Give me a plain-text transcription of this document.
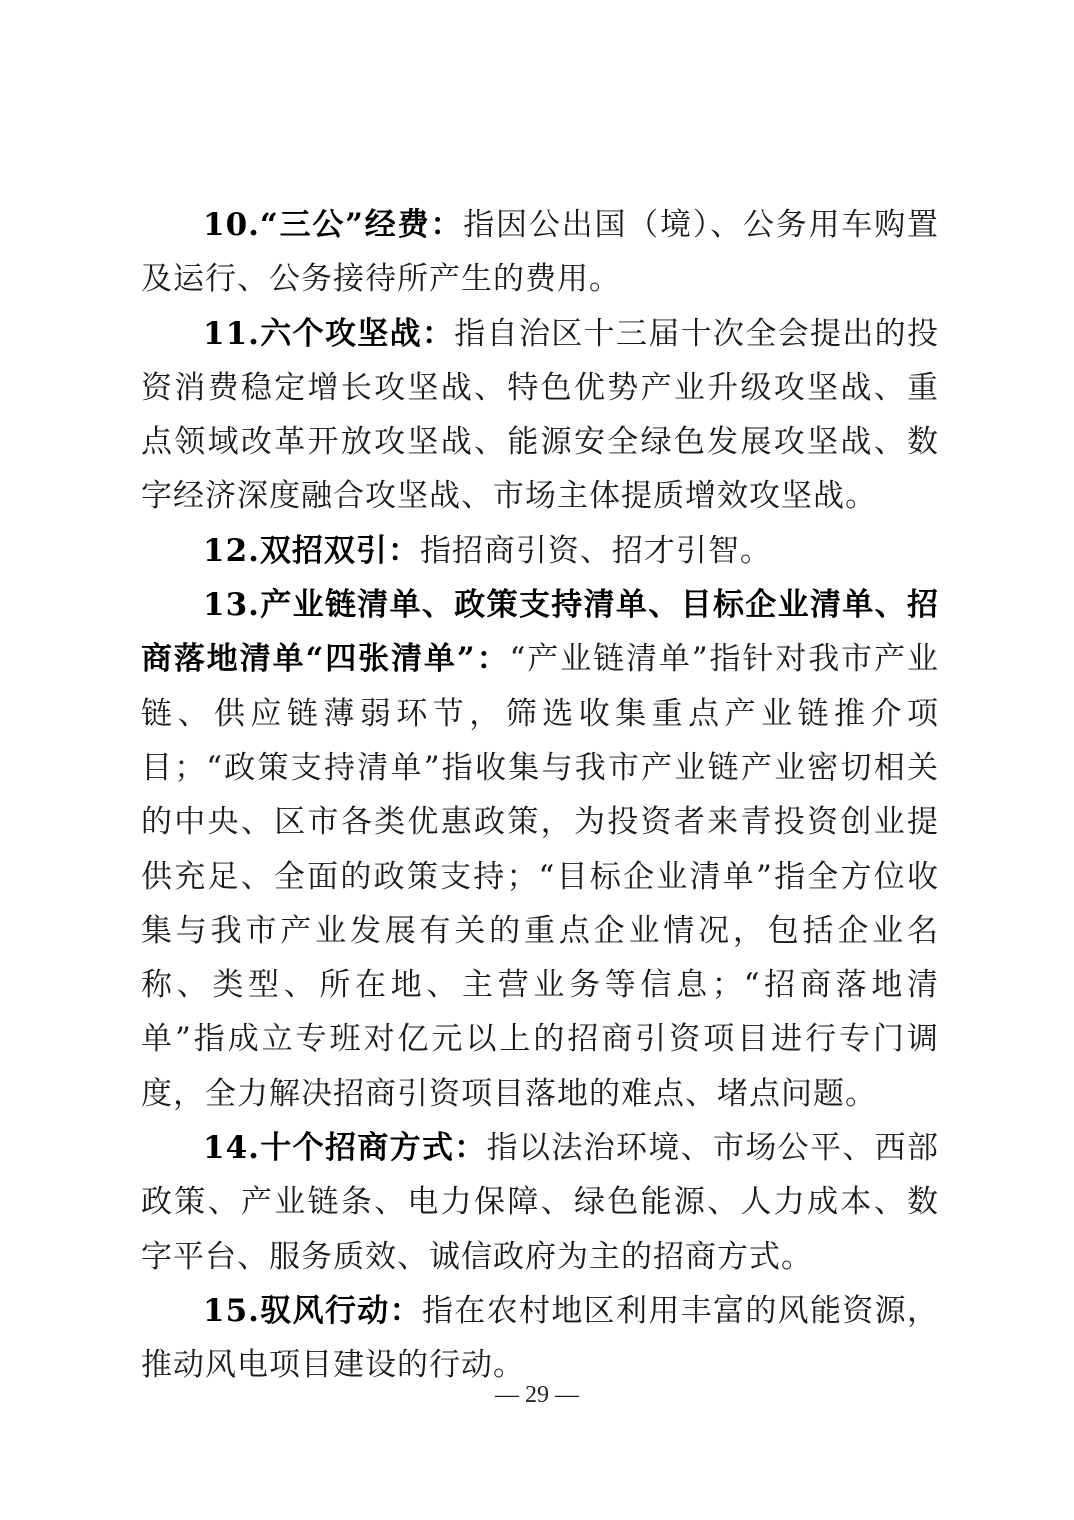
10.“三公”经费：指因公出国（境）、公务用车购置及运行、公务接待所产生的费用。

11.六个攻坚战：指自治区十三届十次全会提出的投资消费稳定增长攻坚战、特色优势产业升级攻坚战、重点领域改革开放攻坚战、能源安全绿色发展攻坚战、数字经济深度融合攻坚战、市场主体提质增效攻坚战。

12.双招双引：指招商引资、招才引智。

13.产业链清单、政策支持清单、目标企业清单、招商落地清单“四张清单”：“产业链清单”指针对我市产业链、供应链薄弱环节，筛选收集重点产业链推介项目；“政策支持清单”指收集与我市产业链产业密切相关的中央、区市各类优惠政策，为投资者来青投资创业提供充足、全面的政策支持；“目标企业清单”指全方位收集与我市产业发展有关的重点企业情况，包括企业名称、类型、所在地、主营业务等信息；“招商落地清单”指成立专班对亿元以上的招商引资项目进行专门调度，全力解决招商引资项目落地的难点、堵点问题。

14.十个招商方式：指以法治环境、市场公平、西部政策、产业链条、电力保障、绿色能源、人力成本、数字平台、服务质效、诚信政府为主的招商方式。

15.驭风行动：指在农村地区利用丰富的风能资源，推动风电项目建设的行动。

— 29 —
